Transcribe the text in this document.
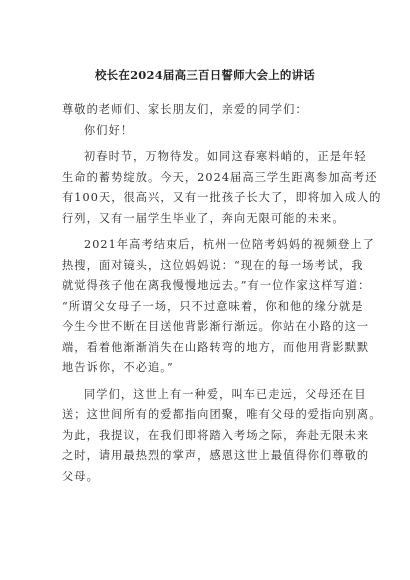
校长在2024届高三百日誓师大会上的讲话
尊敬的老师们、家长朋友们，亲爱的同学们：
你们好！
初春时节，万物待发。如同这春寒料峭的，正是年轻
生命的蓄势绽放。今天，2024届高三学生距离参加高考还
有100天，很高兴，又有一批孩子长大了，即将加入成人的
行列，又有一届学生毕业了，奔向无限可能的未来。
2021年高考结束后，杭州一位陪考妈妈的视频登上了
热搜，面对镜头，这位妈妈说：“现在的每一场考试，我
就觉得孩子他在离我慢慢地远去。”有一位作家这样写道：
“所谓父女母子一场，只不过意味着，你和他的缘分就是
今生今世不断在目送他背影渐行渐远。你站在小路的这一
端，看着他渐渐消失在山路转弯的地方，而他用背影默默
地告诉你，不必追。”
同学们，这世上有一种爱，叫车已走远，父母还在目
送；这世间所有的爱都指向团聚，唯有父母的爱指向别离。
为此，我提议，在我们即将踏入考场之际，奔赴无限未来
之时，请用最热烈的掌声，感恩这世上最值得你们尊敬的
父母。
